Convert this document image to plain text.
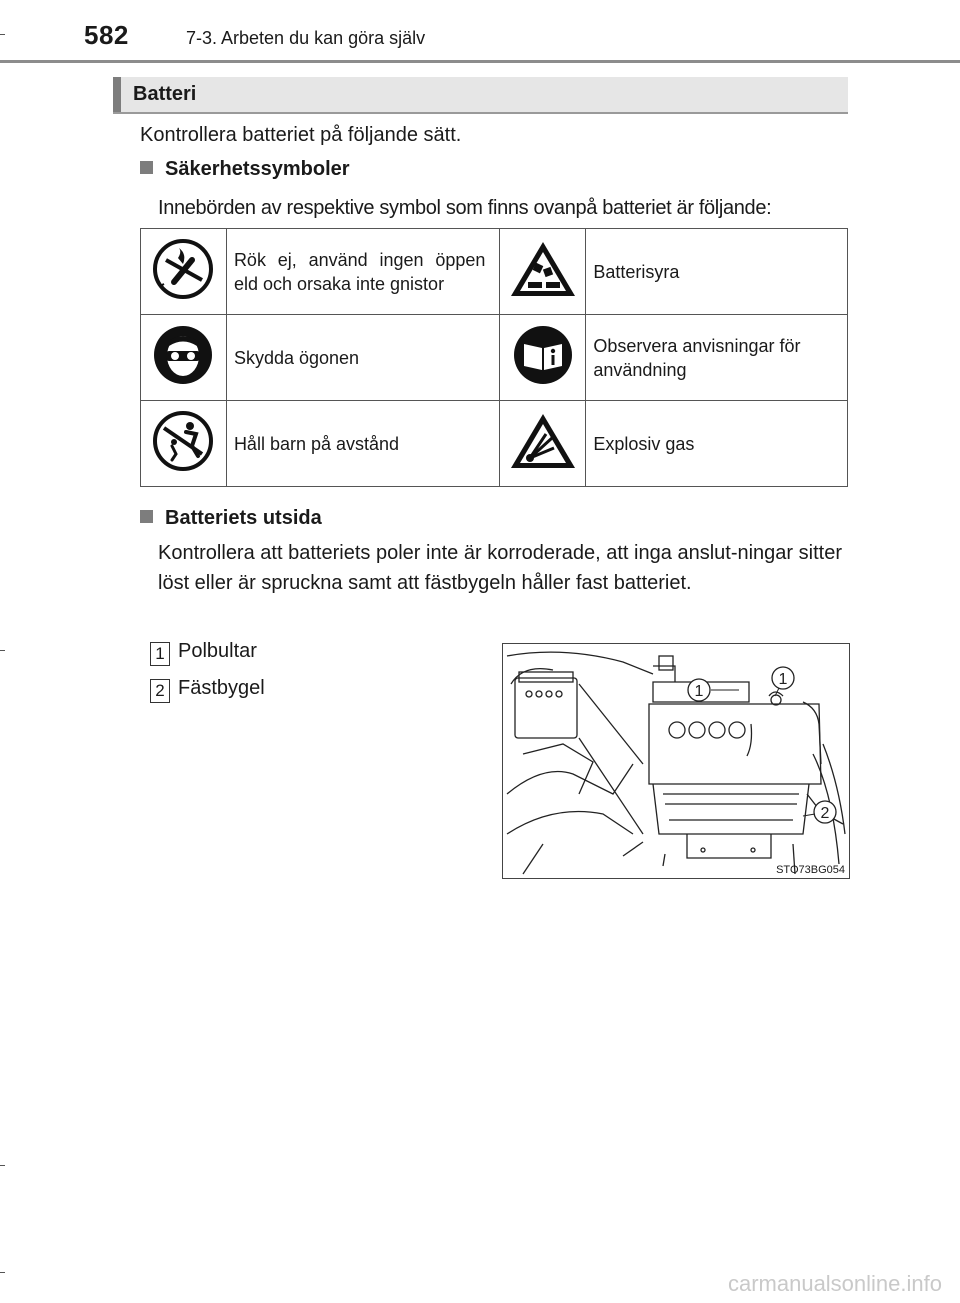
582	7-3. Arbeten du kan göra själv
Batteri
Kontrollera batteriet på följande sätt.
Säkerhetssymboler
Innebörden av respektive symbol som finns ovanpå batteriet är följande:
	Rök ej, använd ingen öppen eld och orsaka inte gnistor		Batterisyra
	Skydda ögonen		Observera anvisningar för användning
	Håll barn på avstånd		Explosiv gas
Batteriets utsida
Kontrollera att batteriets poler inte är korroderade, att inga anslut-ningar sitter löst eller är spruckna samt att fästbygeln håller fast batteriet.
1 Polbultar
2 Fästbygel	1
1
2
STO73BG054
carmanualsonline.info
